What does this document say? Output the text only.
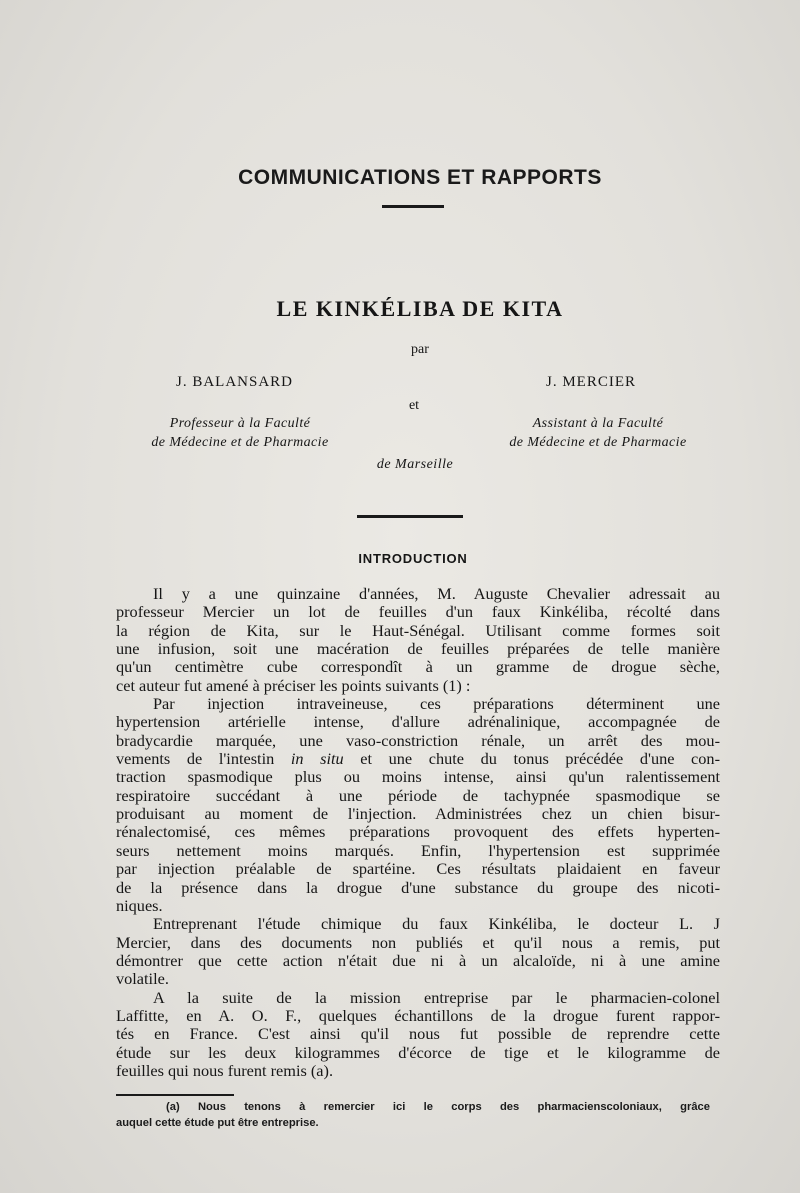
COMMUNICATIONS ET RAPPORTS
LE KINKÉLIBA DE KITA
par
J. BALANSARD	J. MERCIER
et
Professeur à la Faculté
de Médecine et de Pharmacie
Assistant à la Faculté
de Médecine et de Pharmacie
de Marseille
INTRODUCTION
Il y a une quinzaine d'années, M. Auguste Chevalier adressait au
professeur Mercier un lot de feuilles d'un faux Kinkéliba, récolté dans
la région de Kita, sur le Haut-Sénégal. Utilisant comme formes soit
une infusion, soit une macération de feuilles préparées de telle manière
qu'un centimètre cube correspondît à un gramme de drogue sèche,
cet auteur fut amené à préciser les points suivants (1) :
Par injection intraveineuse, ces préparations déterminent une
hypertension artérielle intense, d'allure adrénalinique, accompagnée de
bradycardie marquée, une vaso-constriction rénale, un arrêt des mou-
vements de l'intestin in situ et une chute du tonus précédée d'une con-
traction spasmodique plus ou moins intense, ainsi qu'un ralentissement
respiratoire succédant à une période de tachypnée spasmodique se
produisant au moment de l'injection. Administrées chez un chien bisur-
rénalectomisé, ces mêmes préparations provoquent des effets hyperten-
seurs nettement moins marqués. Enfin, l'hypertension est supprimée
par injection préalable de spartéine. Ces résultats plaidaient en faveur
de la présence dans la drogue d'une substance du groupe des nicoti-
niques.
Entreprenant l'étude chimique du faux Kinkéliba, le docteur L. J
Mercier, dans des documents non publiés et qu'il nous a remis, put
démontrer que cette action n'était due ni à un alcaloïde, ni à une amine
volatile.
A la suite de la mission entreprise par le pharmacien-colonel
Laffitte, en A. O. F., quelques échantillons de la drogue furent rappor-
tés en France. C'est ainsi qu'il nous fut possible de reprendre cette
étude sur les deux kilogrammes d'écorce de tige et le kilogramme de
feuilles qui nous furent remis (a).
(a) Nous tenons à remercier ici le corps des pharmacienscoloniaux, grâce
auquel cette étude put être entreprise.
